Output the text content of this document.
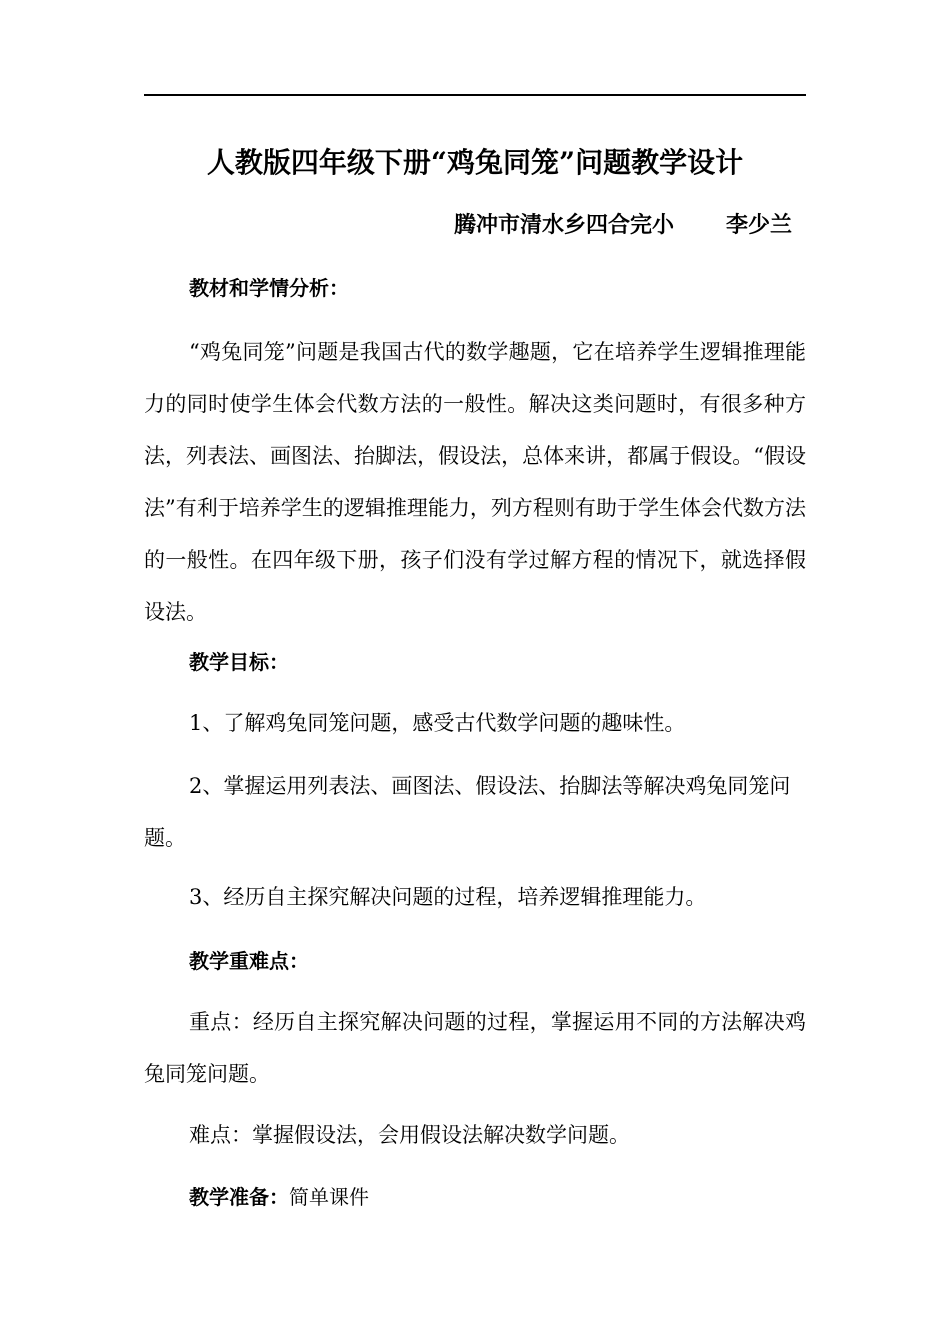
人教版四年级下册“鸡兔同笼”问题教学设计
腾冲市清水乡四合完小 李少兰
教材和学情分析：
“鸡兔同笼”问题是我国古代的数学趣题，它在培养学生逻辑推理能力的同时使学生体会代数方法的一般性。解决这类问题时，有很多种方法，列表法、画图法、抬脚法，假设法，总体来讲，都属于假设。“假设法”有利于培养学生的逻辑推理能力，列方程则有助于学生体会代数方法的一般性。在四年级下册，孩子们没有学过解方程的情况下，就选择假设法。
教学目标：
1、了解鸡兔同笼问题，感受古代数学问题的趣味性。
2、掌握运用列表法、画图法、假设法、抬脚法等解决鸡兔同笼问题。
3、经历自主探究解决问题的过程，培养逻辑推理能力。
教学重难点：
重点：经历自主探究解决问题的过程，掌握运用不同的方法解决鸡兔同笼问题。
难点：掌握假设法，会用假设法解决数学问题。
教学准备：简单课件
